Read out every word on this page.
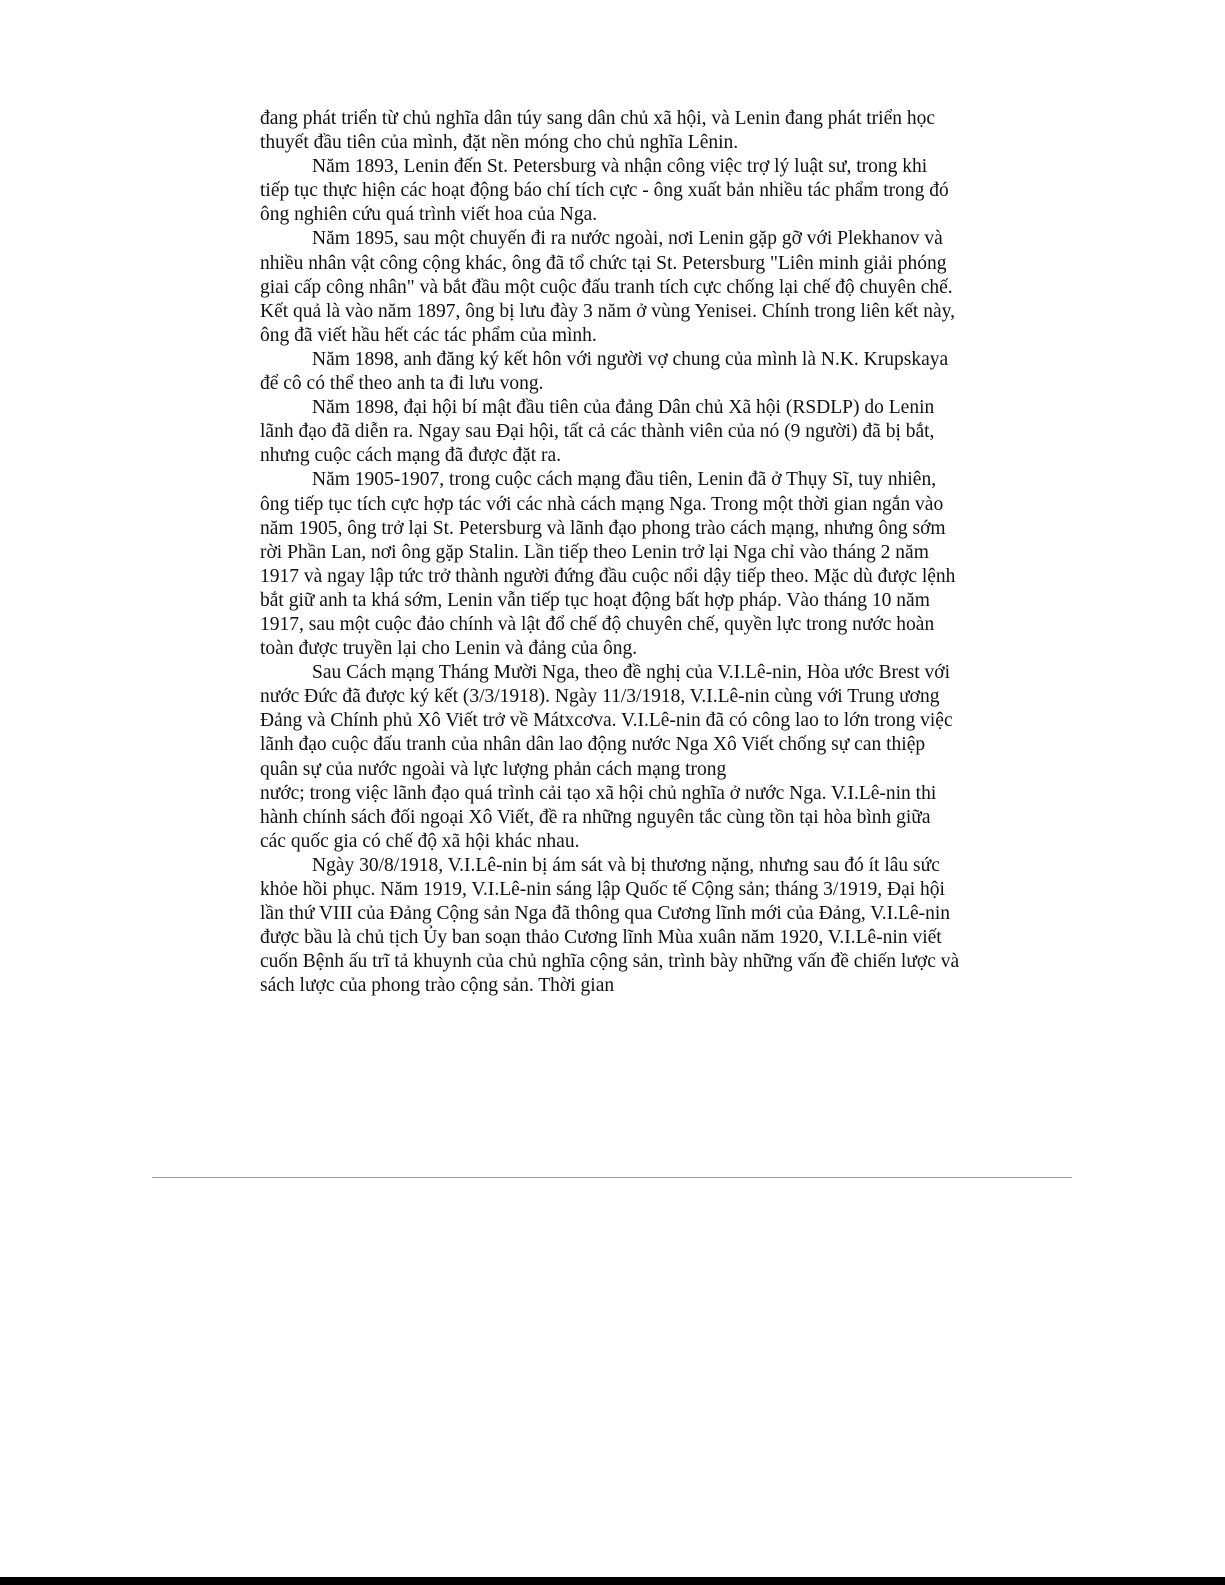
đang phát triển từ chủ nghĩa dân túy sang dân chủ xã hội, và Lenin đang phát triển học thuyết đầu tiên của mình, đặt nền móng cho chủ nghĩa Lênin.

Năm 1893, Lenin đến St. Petersburg và nhận công việc trợ lý luật sư, trong khi tiếp tục thực hiện các hoạt động báo chí tích cực - ông xuất bản nhiều tác phẩm trong đó ông nghiên cứu quá trình viết hoa của Nga.

Năm 1895, sau một chuyến đi ra nước ngoài, nơi Lenin gặp gỡ với Plekhanov và nhiều nhân vật công cộng khác, ông đã tổ chức tại St. Petersburg "Liên minh giải phóng giai cấp công nhân" và bắt đầu một cuộc đấu tranh tích cực chống lại chế độ chuyên chế. Kết quả là vào năm 1897, ông bị lưu đày 3 năm ở vùng Yenisei. Chính trong liên kết này, ông đã viết hầu hết các tác phẩm của mình.

Năm 1898, anh đăng ký kết hôn với người vợ chung của mình là N.K. Krupskaya để cô có thể theo anh ta đi lưu vong.

Năm 1898, đại hội bí mật đầu tiên của đảng Dân chủ Xã hội (RSDLP) do Lenin lãnh đạo đã diễn ra. Ngay sau Đại hội, tất cả các thành viên của nó (9 người) đã bị bắt, nhưng cuộc cách mạng đã được đặt ra.

Năm 1905-1907, trong cuộc cách mạng đầu tiên, Lenin đã ở Thụy Sĩ, tuy nhiên, ông tiếp tục tích cực hợp tác với các nhà cách mạng Nga. Trong một thời gian ngắn vào năm 1905, ông trở lại St. Petersburg và lãnh đạo phong trào cách mạng, nhưng ông sớm rời Phần Lan, nơi ông gặp Stalin. Lần tiếp theo Lenin trở lại Nga chỉ vào tháng 2 năm 1917 và ngay lập tức trở thành người đứng đầu cuộc nổi dậy tiếp theo. Mặc dù được lệnh bắt giữ anh ta khá sớm, Lenin vẫn tiếp tục hoạt động bất hợp pháp. Vào tháng 10 năm 1917, sau một cuộc đảo chính và lật đổ chế độ chuyên chế, quyền lực trong nước hoàn toàn được truyền lại cho Lenin và đảng của ông.

Sau Cách mạng Tháng Mười Nga, theo đề nghị của V.I.Lê-nin, Hòa ước Brest với nước Đức đã được ký kết (3/3/1918). Ngày 11/3/1918, V.I.Lê-nin cùng với Trung ương Đảng và Chính phủ Xô Viết trở về Mátxcơva. V.I.Lê-nin đã có công lao to lớn trong việc lãnh đạo cuộc đấu tranh của nhân dân lao động nước Nga Xô Viết chống sự can thiệp quân sự của nước ngoài và lực lượng phản cách mạng trong

nước; trong việc lãnh đạo quá trình cải tạo xã hội chủ nghĩa ở nước Nga. V.I.Lê-nin thi hành chính sách đối ngoại Xô Viết, đề ra những nguyên tắc cùng tồn tại hòa bình giữa các quốc gia có chế độ xã hội khác nhau.

Ngày 30/8/1918, V.I.Lê-nin bị ám sát và bị thương nặng, nhưng sau đó ít lâu sức khỏe hồi phục. Năm 1919, V.I.Lê-nin sáng lập Quốc tế Cộng sản; tháng 3/1919, Đại hội lần thứ VIII của Đảng Cộng sản Nga đã thông qua Cương lĩnh mới của Đảng, V.I.Lê-nin được bầu là chủ tịch Ủy ban soạn thảo Cương lĩnh Mùa xuân năm 1920, V.I.Lê-nin viết cuốn Bệnh ấu trĩ tả khuynh của chủ nghĩa cộng sản, trình bày những vấn đề chiến lược và sách lược của phong trào cộng sản. Thời gian
